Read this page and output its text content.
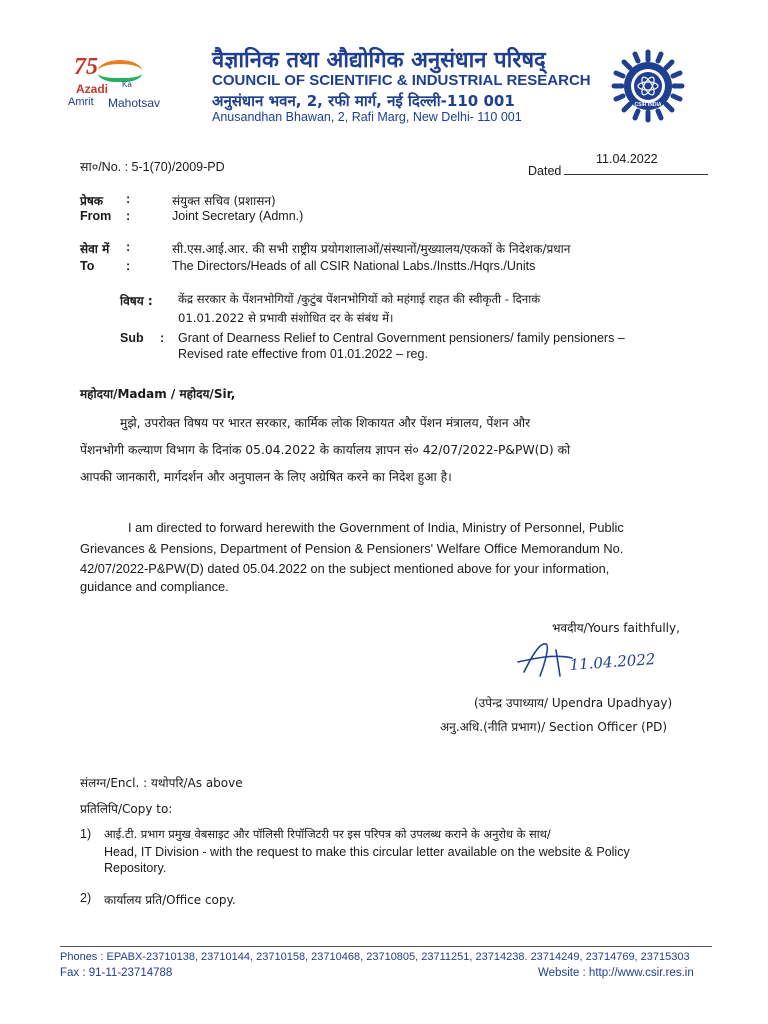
75
Azadi Ka
Amrit Mahotsav
वैज्ञानिक तथा औद्योगिक अनुसंधान परिषद्
COUNCIL OF SCIENTIFIC & INDUSTRIAL RESEARCH
अनुसंधान भवन, 2, रफी मार्ग, नई दिल्ली-110 001
Anusandhan Bhawan, 2, Rafi Marg, New Delhi- 110 001
CSIR INDIA
सा०/No. : 5-1(70)/2009-PD
11.04.2022
Dated
प्रेषक :	संयुक्त सचिव (प्रशासन)
From :	Joint Secretary (Admn.)
सेवा में :	सी.एस.आई.आर. की सभी राष्ट्रीय प्रयोगशालाओं/संस्थानों/मुख्यालय/एककों के निदेशक/प्रधान
To	:	The Directors/Heads of all CSIR National Labs./Instts./Hqrs./Units
विषय : केंद्र सरकार के पेंशनभोगियों /कुटुंब पेंशनभोगियों को महंगाई राहत की स्वीकृती - दिनाकं
01.01.2022 से प्रभावी संशोधित दर के संबंध में।
Sub : Grant of Dearness Relief to Central Government pensioners/ family pensioners –
Revised rate effective from 01.01.2022 – reg.
महोदया/Madam / महोदय/Sir,
मुझे, उपरोक्त विषय पर भारत सरकार, कार्मिक लोक शिकायत और पेंशन मंत्रालय, पेंशन और
पेंशनभोगी कल्याण विभाग के दिनांक 05.04.2022 के कार्यालय ज्ञापन सं० 42/07/2022-P&PW(D) को
आपकी जानकारी, मार्गदर्शन और अनुपालन के लिए अग्रेषित करने का निदेश हुआ है।
I am directed to forward herewith the Government of India, Ministry of Personnel, Public
Grievances & Pensions, Department of Pension & Pensioners' Welfare Office Memorandum No.
42/07/2022-P&PW(D) dated 05.04.2022 on the subject mentioned above for your information,
guidance and compliance.
भवदीय/Yours faithfully,
11.04.2022
(उपेन्द्र उपाध्याय/ Upendra Upadhyay)
अनु.अधि.(नीति प्रभाग)/ Section Officer (PD)
संलग्न/Encl. : यथोपरि/As above
प्रतिलिपि/Copy to:
1) आई.टी. प्रभाग प्रमुख वेबसाइट और पॉलिसी रिपॉजिटरी पर इस परिपत्र को उपलब्ध कराने के अनुरोध के साथ/
Head, IT Division - with the request to make this circular letter available on the website & Policy
Repository.
2) कार्यालय प्रति/Office copy.
Phones : EPABX-23710138, 23710144, 23710158, 23710468, 23710805, 23711251, 23714238. 23714249, 23714769, 23715303
Fax : 91-11-23714788	Website : http://www.csir.res.in
